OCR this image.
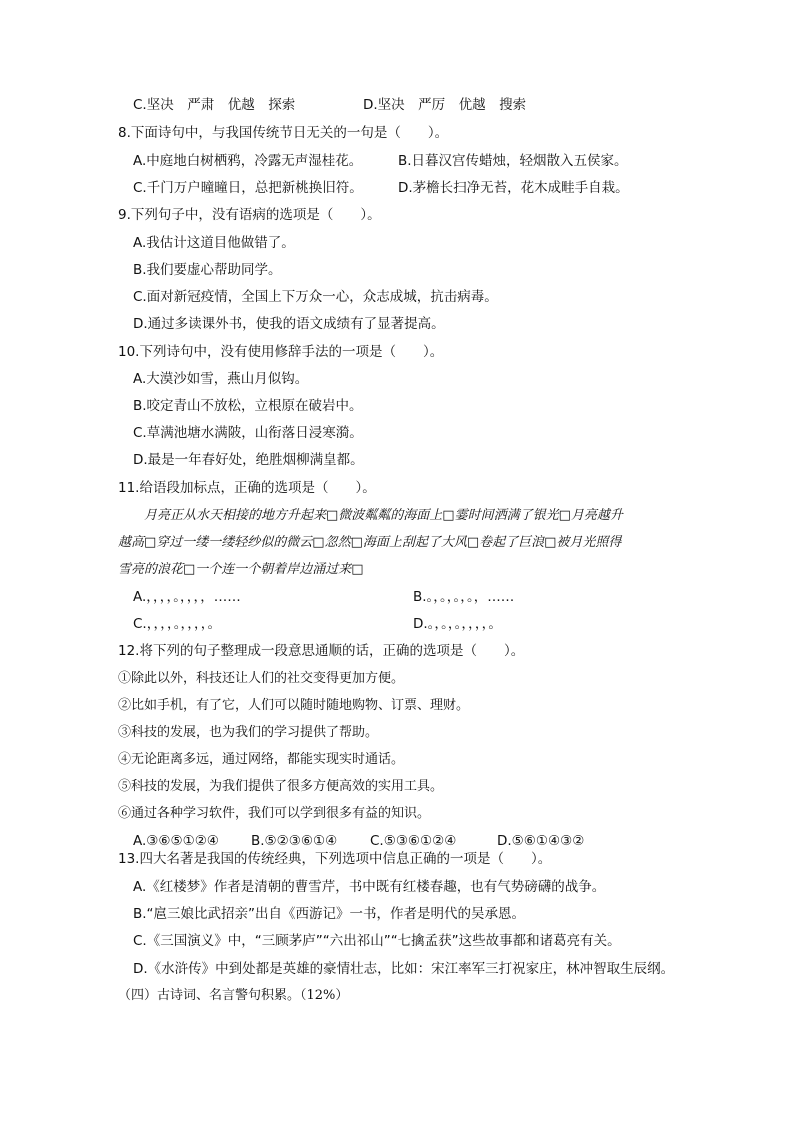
C.坚决　严肃　优越　探索	D.坚决　严厉　优越　搜索
8.下面诗句中，与我国传统节日无关的一句是（　　）。
A.中庭地白树栖鸦，冷露无声湿桂花。	B.日暮汉宫传蜡烛，轻烟散入五侯家。
C.千门万户曈曈日，总把新桃换旧符。	D.茅檐长扫净无苔，花木成畦手自栽。
9.下列句子中，没有语病的选项是（　　）。
A.我估计这道目他做错了。
B.我们要虚心帮助同学。
C.面对新冠疫情，全国上下万众一心，众志成城，抗击病毒。
D.通过多读课外书，使我的语文成绩有了显著提高。
10.下列诗句中，没有使用修辞手法的一项是（　　）。
A.大漠沙如雪，燕山月似钩。
B.咬定青山不放松，立根原在破岩中。
C.草满池塘水满陂，山衔落日浸寒漪。
D.最是一年春好处，绝胜烟柳满皇都。
11.给语段加标点，正确的选项是（　　）。
　　月亮正从水天相接的地方升起来□微波粼粼的海面上□霎时间洒满了银光□月亮越升
越高□穿过一缕一缕轻纱似的微云□忽然□海面上刮起了大风□卷起了巨浪□被月光照得
雪亮的浪花□一个连一个朝着岸边涌过来□
A.，，，，。，，，，……	B.。，。，。，。，……
C.，，，，。，，，，。	D.。，。，。，，，，。
12.将下列的句子整理成一段意思通顺的话，正确的选项是（　　）。
①除此以外，科技还让人们的社交变得更加方便。
②比如手机，有了它，人们可以随时随地购物、订票、理财。
③科技的发展，也为我们的学习提供了帮助。
④无论距离多远，通过网络，都能实现实时通话。
⑤科技的发展，为我们提供了很多方便高效的实用工具。
⑥通过各种学习软件，我们可以学到很多有益的知识。
A.③⑥⑤①②④ B.⑤②③⑥①④ C.⑤③⑥①②④	D.⑤⑥①④③②
13.四大名著是我国的传统经典，下列选项中信息正确的一项是（　　）。
A.《红楼梦》作者是清朝的曹雪芹，书中既有红楼春趣，也有气势磅礴的战争。
B.“扈三娘比武招亲”出自《西游记》一书，作者是明代的吴承恩。
C.《三国演义》中，“三顾茅庐”“六出祁山”“七擒孟获”这些故事都和诸葛亮有关。
D.《水浒传》中到处都是英雄的豪情壮志，比如：宋江率军三打祝家庄，林冲智取生辰纲。
（四）古诗词、名言警句积累。（12%）
